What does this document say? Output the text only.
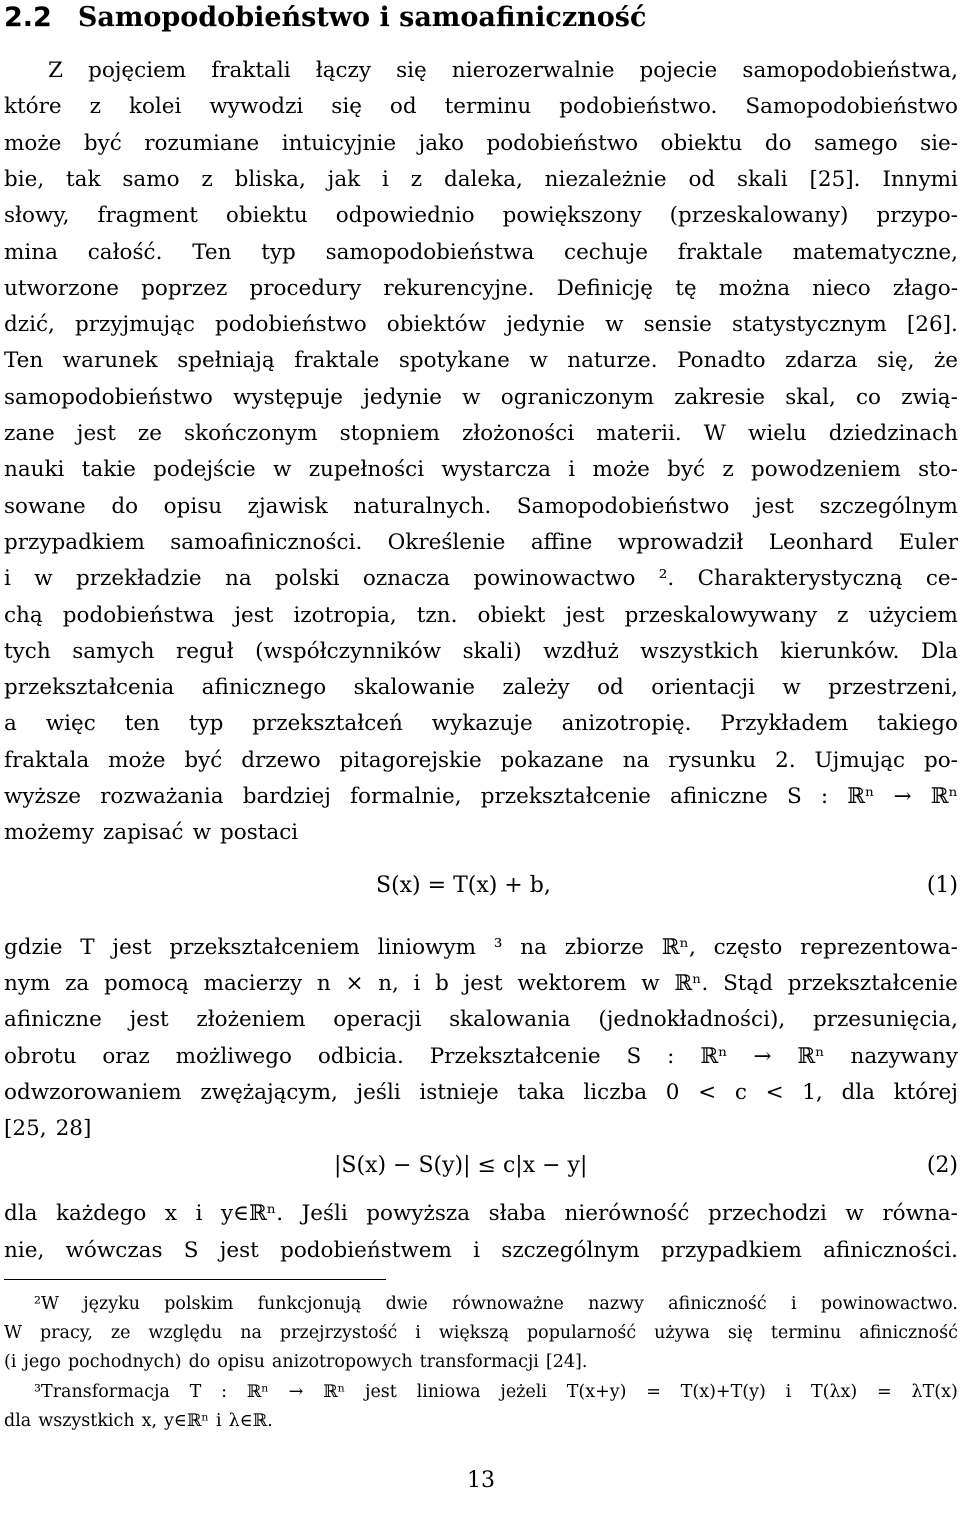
2.2 Samopodobieństwo i samoafiniczność
Z pojęciem fraktali łączy się nierozerwalnie pojecie samopodobieństwa,
które z kolei wywodzi się od terminu podobieństwo. Samopodobieństwo
może być rozumiane intuicyjnie jako podobieństwo obiektu do samego sie-
bie, tak samo z bliska, jak i z daleka, niezależnie od skali [25]. Innymi
słowy, fragment obiektu odpowiednio powiększony (przeskalowany) przypo-
mina całość. Ten typ samopodobieństwa cechuje fraktale matematyczne,
utworzone poprzez procedury rekurencyjne. Definicję tę można nieco złago-
dzić, przyjmując podobieństwo obiektów jedynie w sensie statystycznym [26].
Ten warunek spełniają fraktale spotykane w naturze. Ponadto zdarza się, że
samopodobieństwo występuje jedynie w ograniczonym zakresie skal, co zwią-
zane jest ze skończonym stopniem złożoności materii. W wielu dziedzinach
nauki takie podejście w zupełności wystarcza i może być z powodzeniem sto-
sowane do opisu zjawisk naturalnych. Samopodobieństwo jest szczególnym
przypadkiem samoafiniczności. Określenie affine wprowadził Leonhard Euler
i w przekładzie na polski oznacza powinowactwo ². Charakterystyczną ce-
chą podobieństwa jest izotropia, tzn. obiekt jest przeskalowywany z użyciem
tych samych reguł (współczynników skali) wzdłuż wszystkich kierunków. Dla
przekształcenia afinicznego skalowanie zależy od orientacji w przestrzeni,
a więc ten typ przekształceń wykazuje anizotropię. Przykładem takiego
fraktala może być drzewo pitagorejskie pokazane na rysunku 2. Ujmując po-
wyższe rozważania bardziej formalnie, przekształcenie afiniczne S : ℝⁿ → ℝⁿ
możemy zapisać w postaci
S(x) = T(x) + b,	(1)
gdzie T jest przekształceniem liniowym ³ na zbiorze ℝⁿ, często reprezentowa-
nym za pomocą macierzy n × n, i b jest wektorem w ℝⁿ. Stąd przekształcenie
afiniczne jest złożeniem operacji skalowania (jednokładności), przesunięcia,
obrotu oraz możliwego odbicia. Przekształcenie S : ℝⁿ → ℝⁿ nazywany
odwzorowaniem zwężającym, jeśli istnieje taka liczba 0 < c < 1, dla której
[25, 28]
|S(x) − S(y)| ≤ c|x − y|	(2)
dla każdego x i y∈ℝⁿ. Jeśli powyższa słaba nierówność przechodzi w równa-
nie, wówczas S jest podobieństwem i szczególnym przypadkiem afiniczności.
²W języku polskim funkcjonują dwie równoważne nazwy afiniczność i powinowactwo.
W pracy, ze względu na przejrzystość i większą popularność używa się terminu afiniczność
(i jego pochodnych) do opisu anizotropowych transformacji [24].
³Transformacja T : ℝⁿ → ℝⁿ jest liniowa jeżeli T(x+y) = T(x)+T(y) i T(λx) = λT(x)
dla wszystkich x, y∈ℝⁿ i λ∈ℝ.
13
